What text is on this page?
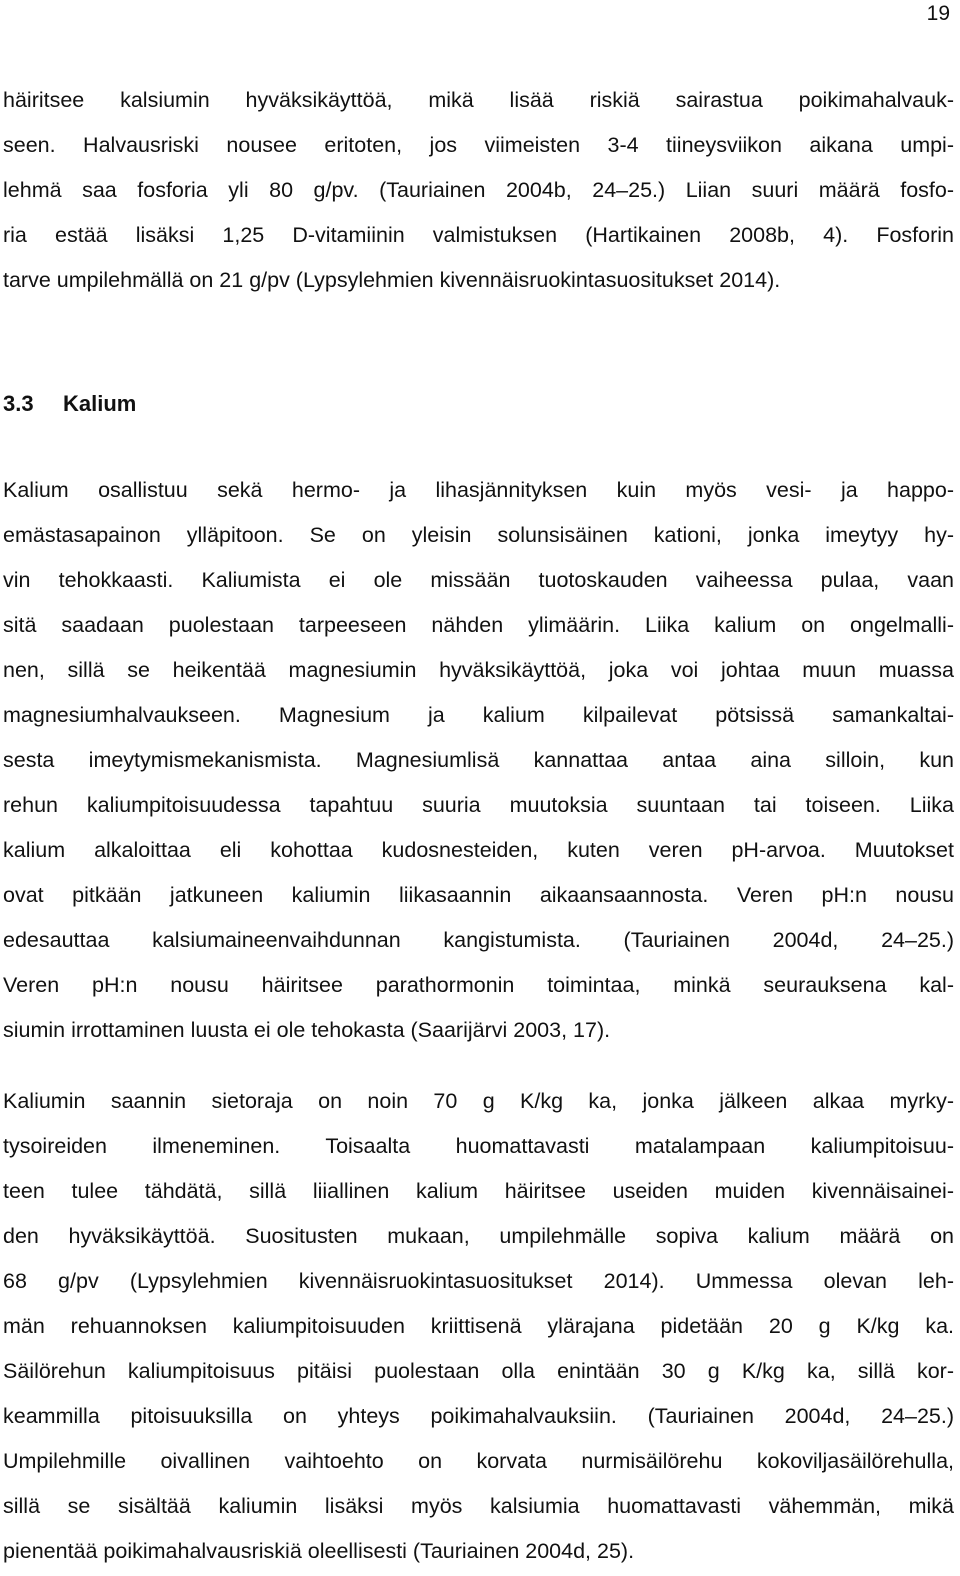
19
häiritsee kalsiumin hyväksikäyttöä, mikä lisää riskiä sairastua poikimahalvauk-
seen. Halvausriski nousee eritoten, jos viimeisten 3-4 tiineysviikon aikana umpi-
lehmä saa fosforia yli 80 g/pv. (Tauriainen 2004b, 24–25.) Liian suuri määrä fosfo-
ria estää lisäksi 1,25 D-vitamiinin valmistuksen (Hartikainen 2008b, 4). Fosforin
tarve umpilehmällä on 21 g/pv (Lypsylehmien kivennäisruokintasuositukset 2014).
3.3 Kalium
Kalium osallistuu sekä hermo- ja lihasjännityksen kuin myös vesi- ja happo-
emästasapainon ylläpitoon. Se on yleisin solunsisäinen kationi, jonka imeytyy hy-
vin tehokkaasti. Kaliumista ei ole missään tuotoskauden vaiheessa pulaa, vaan
sitä saadaan puolestaan tarpeeseen nähden ylimäärin. Liika kalium on ongelmalli-
nen, sillä se heikentää magnesiumin hyväksikäyttöä, joka voi johtaa muun muassa
magnesiumhalvaukseen. Magnesium ja kalium kilpailevat pötsissä samankaltai-
sesta imeytymismekanismista. Magnesiumlisä kannattaa antaa aina silloin, kun
rehun kaliumpitoisuudessa tapahtuu suuria muutoksia suuntaan tai toiseen. Liika
kalium alkaloittaa eli kohottaa kudosnesteiden, kuten veren pH-arvoa. Muutokset
ovat pitkään jatkuneen kaliumin liikasaannin aikaansaannosta. Veren pH:n nousu
edesauttaa kalsiumaineenvaihdunnan kangistumista. (Tauriainen 2004d, 24–25.)
Veren pH:n nousu häiritsee parathormonin toimintaa, minkä seurauksena kal-
siumin irrottaminen luusta ei ole tehokasta (Saarijärvi 2003, 17).
Kaliumin saannin sietoraja on noin 70 g K/kg ka, jonka jälkeen alkaa myrky-
tysoireiden ilmeneminen. Toisaalta huomattavasti matalampaan kaliumpitoisuu-
teen tulee tähdätä, sillä liiallinen kalium häiritsee useiden muiden kivennäisainei-
den hyväksikäyttöä. Suositusten mukaan, umpilehmälle sopiva kalium määrä on
68 g/pv (Lypsylehmien kivennäisruokintasuositukset 2014). Ummessa olevan leh-
män rehuannoksen kaliumpitoisuuden kriittisenä ylärajana pidetään 20 g K/kg ka.
Säilörehun kaliumpitoisuus pitäisi puolestaan olla enintään 30 g K/kg ka, sillä kor-
keammilla pitoisuuksilla on yhteys poikimahalvauksiin. (Tauriainen 2004d, 24–25.)
Umpilehmille oivallinen vaihtoehto on korvata nurmisäilörehu kokoviljasäilörehulla,
sillä se sisältää kaliumin lisäksi myös kalsiumia huomattavasti vähemmän, mikä
pienentää poikimahalvausriskiä oleellisesti (Tauriainen 2004d, 25).
